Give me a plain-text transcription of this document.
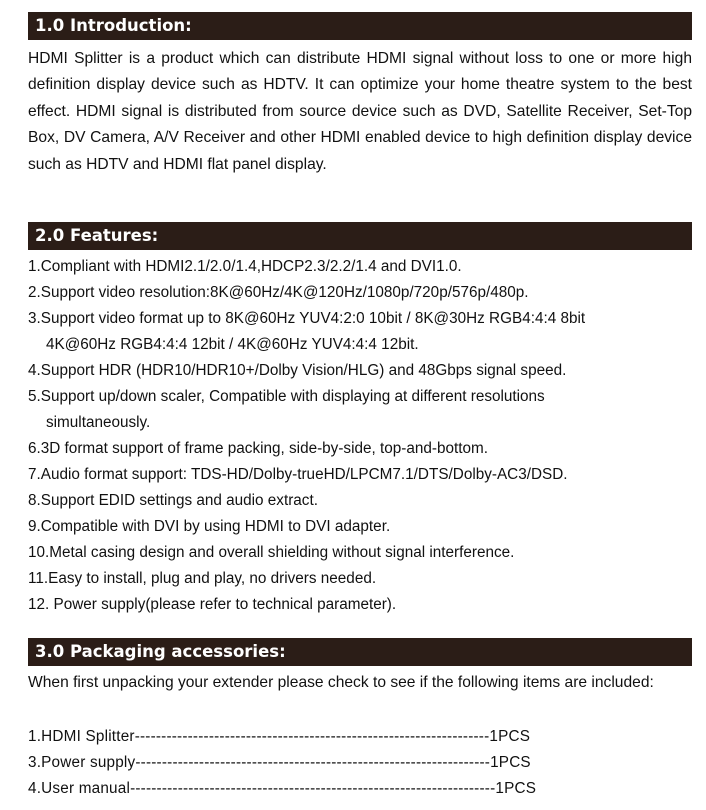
1.0 Introduction:
HDMI Splitter is a product which can distribute HDMI signal without loss to one or more high definition display device such as HDTV. It can optimize your home theatre system to the best effect. HDMI signal is distributed from source device such as DVD, Satellite Receiver, Set-Top Box, DV Camera, A/V Receiver and other HDMI enabled device to high definition display device such as HDTV and HDMI flat panel display.
2.0 Features:
1.Compliant with HDMI2.1/2.0/1.4,HDCP2.3/2.2/1.4 and DVI1.0.
2.Support video resolution:8K@60Hz/4K@120Hz/1080p/720p/576p/480p.
3.Support video format up to 8K@60Hz YUV4:2:0 10bit / 8K@30Hz RGB4:4:4 8bit
4K@60Hz RGB4:4:4 12bit / 4K@60Hz YUV4:4:4 12bit.
4.Support HDR (HDR10/HDR10+/Dolby Vision/HLG) and 48Gbps signal speed.
5.Support up/down scaler, Compatible with displaying at different resolutions
simultaneously.
6.3D format support of frame packing, side-by-side, top-and-bottom.
7.Audio format support: TDS-HD/Dolby-trueHD/LPCM7.1/DTS/Dolby-AC3/DSD.
8.Support EDID settings and audio extract.
9.Compatible with DVI by using HDMI to DVI adapter.
10.Metal casing design and overall shielding without signal interference.
11.Easy to install, plug and play, no drivers needed.
12. Power supply(please refer to technical parameter).
3.0 Packaging accessories:
When first unpacking your extender please check to see if the following items are included:
1.HDMI Splitter-------------------------------------------------------------------1PCS
3.Power supply-------------------------------------------------------------------1PCS
4.User manual---------------------------------------------------------------------1PCS
